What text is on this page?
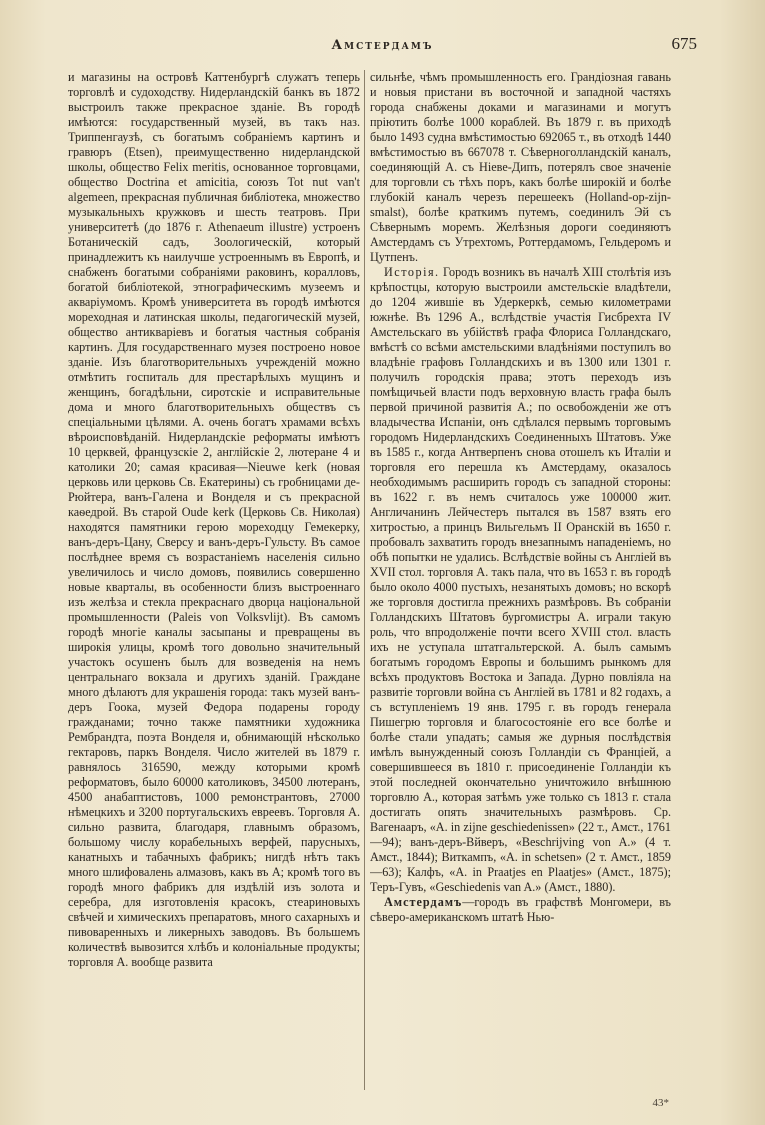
Амстердамъ	675

и магазины на островѣ Каттенбургѣ служатъ теперь торговлѣ и судоходству. Нидерландскій банкъ въ 1872 выстроилъ также прекрасное зданіе. Въ городѣ имѣются: государственный музей, въ такъ наз. Триппенгаузѣ, съ богатымъ собраніемъ картинъ и гравюръ (Etsen), преимущественно нидерландской школы, общество Felix meritis, основанное торговцами, общество Doctrina et amicitia, союзъ Tot nut van't algemeen, прекрасная публичная библіотека, множество музыкальныхъ кружковъ и шесть театровъ. При университетѣ (до 1876 г. Athenaeum illustre) устроенъ Ботаническій садъ, Зоологическій, который принадлежитъ къ наилучше устроеннымъ въ Европѣ, и снабженъ богатыми собраніями раковинъ, коралловъ, богатой библіотекой, этнографическимъ музеемъ и акваріумомъ. Кромѣ университета въ городѣ имѣются мореходная и латинская школы, педагогическій музей, общество антикваріевъ и богатыя частныя собранія картинъ. Для государственнаго музея построено новое зданіе. Изъ благотворительныхъ учрежденій можно отмѣтить госпиталь для престарѣлыхъ мущинъ и женщинъ, богадѣльни, сиротскіе и исправительные дома и много благотворительныхъ обществъ съ спеціальными цѣлями. А. очень богатъ храмами всѣхъ вѣроисповѣданій. Нидерландскіе реформаты имѣютъ 10 церквей, французскіе 2, англійскіе 2, лютеране 4 и католики 20; самая красивая—Nieuwe kerk (новая церковь или церковь Св. Екатерины) съ гробницами де-Рюйтера, ванъ-Галена и Вонделя и съ прекрасной каѳедрой. Въ старой Oude kerk (Церковь Св. Николая) находятся памятники герою мореходцу Гемекерку, ванъ-деръ-Цану, Сверсу и ванъ-деръ-Гульсту. Въ самое послѣднее время съ возрастаніемъ населенія сильно увеличилось и число домовъ, появились совершенно новые кварталы, въ особенности близъ выстроеннаго изъ желѣза и стекла прекраснаго дворца національной промышленности (Paleis von Volksvlijt). Въ самомъ городѣ многіе каналы засыпаны и превращены въ широкія улицы, кромѣ того довольно значительный участокъ осушенъ былъ для возведенія на немъ центральнаго вокзала и другихъ зданій. Граждане много дѣлаютъ для украшенія города: такъ музей ванъ-деръ Гоока, музей Федора подарены городу гражданами; точно также памятники художника Рембрандта, поэта Вонделя и, обнимающій нѣсколько гектаровъ, паркъ Вонделя. Число жителей въ 1879 г. равнялось 316590, между которыми кромѣ реформатовъ, было 60000 католиковъ, 34500 лютеранъ, 4500 анабаптистовъ, 1000 ремонстрантовъ, 27000 нѣмецкихъ и 3200 португальскихъ евреевъ. Торговля А. сильно развита, благодаря, главнымъ образомъ, большому числу корабельныхъ верфей, парусныхъ, канатныхъ и табачныхъ фабрикъ; нигдѣ нѣтъ такъ много шлифовалень алмазовъ, какъ въ А; кромѣ того въ городѣ много фабрикъ для издѣлій изъ золота и серебра, для изготовленія красокъ, стеариновыхъ свѣчей и химическихъ препаратовъ, много сахарныхъ и пивоваренныхъ и ликерныхъ заводовъ. Въ большемъ количествѣ вывозится хлѣбъ и колоніальные продукты; торговля А. вообще развита

сильнѣе, чѣмъ промышленность его. Грандіозная гавань и новыя пристани въ восточной и западной частяхъ города снабжены доками и магазинами и могутъ пріютить болѣе 1000 кораблей. Въ 1879 г. въ приходѣ было 1493 судна вмѣстимостью 692065 т., въ отходѣ 1440 вмѣстимостью въ 667078 т. Сѣверноголландскій каналъ, соединяющій А. съ Ніеве-Дипъ, потерялъ свое значеніе для торговли съ тѣхъ поръ, какъ болѣе широкій и болѣе глубокій каналъ черезъ перешеекъ (Holland-op-zijn-smalst), болѣе краткимъ путемъ, соединилъ Эй съ Сѣвернымъ моремъ. Желѣзныя дороги соединяютъ Амстердамъ съ Утрехтомъ, Роттердамомъ, Гельдеромъ и Цутпенъ.

Исторія. Городъ возникъ въ началѣ XIII столѣтія изъ крѣпостцы, которую выстроили амстельскіе владѣтели, до 1204 жившіе въ Удеркеркѣ, семью километрами южнѣе. Въ 1296 А., вслѣдствіе участія Гисбрехта IV Амстельскаго въ убійствѣ графа Флориса Голландскаго, вмѣстѣ со всѣми амстельскими владѣніями поступилъ во владѣніе графовъ Голландскихъ и въ 1300 или 1301 г. получилъ городскія права; этотъ переходъ изъ помѣщичьей власти подъ верховную власть графа былъ первой причиной развитія А.; по освобожденіи же отъ владычества Испаніи, онъ сдѣлался первымъ торговымъ городомъ Нидерландскихъ Соединенныхъ Штатовъ. Уже въ 1585 г., когда Антверпенъ снова отошелъ къ Италіи и торговля его перешла къ Амстердаму, оказалось необходимымъ расширить городъ съ западной стороны: въ 1622 г. въ немъ считалось уже 100000 жит. Англичанинъ Лейчестеръ пытался въ 1587 взять его хитростью, а принцъ Вильгельмъ II Оранскій въ 1650 г. пробовалъ захватить городъ внезапнымъ нападеніемъ, но обѣ попытки не удались. Вслѣдствіе войны съ Англіей въ XVII стол. торговля А. такъ пала, что въ 1653 г. въ городѣ было около 4000 пустыхъ, незанятыхъ домовъ; но вскорѣ же торговля достигла прежнихъ размѣровъ. Въ собраніи Голландскихъ Штатовъ бургомистры А. играли такую роль, что впродолженіе почти всего XVIII стол. власть ихъ не уступала штатгальтерской. А. былъ самымъ богатымъ городомъ Европы и большимъ рынкомъ для всѣхъ продуктовъ Востока и Запада. Дурно повліяла на развитіе торговли война съ Англіей въ 1781 и 82 годахъ, а съ вступленіемъ 19 янв. 1795 г. въ городъ генерала Пишегрю торговля и благосостояніе его все болѣе и болѣе стали упадать; самыя же дурныя послѣдствія имѣлъ вынужденный союзъ Голландіи съ Франціей, а совершившееся въ 1810 г. присоединеніе Голландіи къ этой последней окончательно уничтожило внѣшнюю торговлю А., которая затѣмъ уже только съ 1813 г. стала достигать опять значительныхъ размѣровъ. Ср. Вагенааръ, «A. in zijne geschiedenissen» (22 т., Амст., 1761—94); ванъ-деръ-Вйверъ, «Beschrijving von A.» (4 т. Амст., 1844); Виткампъ, «A. in schetsen» (2 т. Амст., 1859—63); Калфъ, «A. in Praatjes en Plaatjes» (Амст., 1875); Теръ-Гувъ, «Geschiedenis van A.» (Амст., 1880).

Амстердамъ—городъ въ графствѣ Монгомери, въ сѣверо-американскомъ штатѣ Нью-

43*
